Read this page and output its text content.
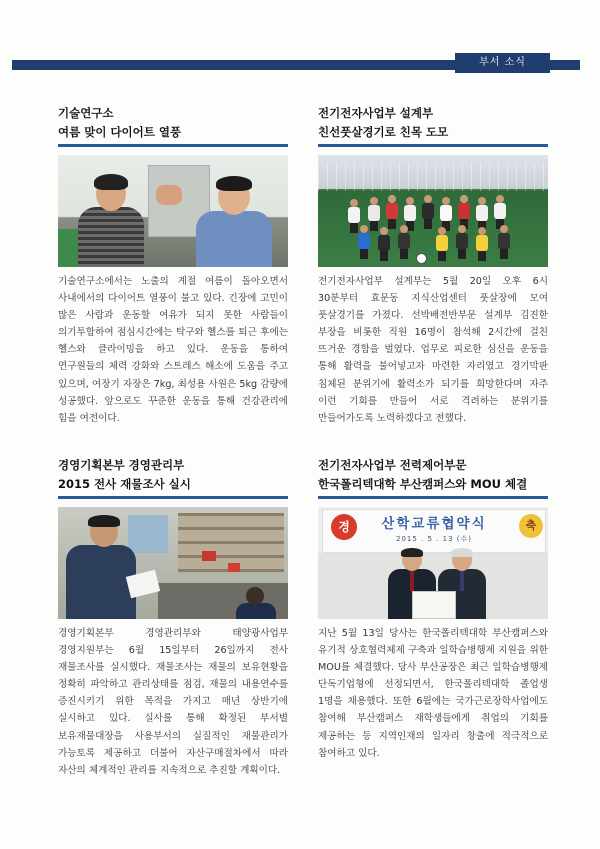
부서 소식

기술연구소

여름 맞이 다이어트 열풍

기술연구소에서는 노출의 계절 여름이 돌아오면서 사내에서의 다이어트 열풍이 불고 있다. 긴장에 고민이 많은 사람과 운동할 여유가 되지 못한 사람들이 의기투합하여 점심시간에는 탁구와 헬스를 퇴근 후에는 헬스와 클라이밍을 하고 있다. 운동을 통하여 연구원들의 체력 강화와 스트레스 해소에 도움을 주고 있으며, 여장기 자장은 7kg, 최성용 사원은 5kg 감량에 성공했다. 앞으로도 꾸준한 운동을 통해 건강관리에 힘을 여전이다.

전기전자사업부 설계부

친선풋살경기로 친목 도모

전기전자사업부 설계부는 5월 20일 오후 6시 30분부터 효문동 지식산업센터 풋살장에 모여 풋살경기를 가졌다. 선박배전반부문 설계부 김진한 부장을 비롯한 직원 16명이 참석해 2시간에 걸친 뜨거운 경합을 벌였다. 업무로 피로한 심신을 운동을 통해 활력을 불어넣고자 마련한 자리였고 경기막판 침체된 분위기에 활력소가 되기를 희망한다며 자주 이런 기회를 만들어 서로 격려하는 분위기를 만들어가도록 노력하겠다고 전했다.

경영기획본부 경영관리부

2015 전사 재물조사 실시

경영기획본부 경영관리부와 태양광사업부 경영지원부는 6월 15일부터 26일까지 전사 재물조사를 실시했다. 재물조사는 재물의 보유현황을 정확히 파악하고 관리상태를 점검, 재물의 내용연수를 증진시키기 위한 목적을 가지고 매년 상반기에 실시하고 있다. 실사를 통해 확정된 부서별 보유재물대장을 사용부서의 실질적인 재물관리가 가능토록 제공하고 더불어 자산구매절차에서 따라 자산의 체계적인 관리를 지속적으로 추진할 계획이다.

전기전자사업부 전력제어부문

한국폴리텍대학 부산캠퍼스와 MOU 체결

산학교류협약식
2015 . 5 . 13 (수)
경	축
지난 5월 13일 당사는 한국폴리텍대학 부산캠퍼스와 유기적 상호협력체제 구축과 일학습병행제 지원을 위한 MOU를 체결했다. 당사 부산공장은 최근 일학습병행제 단독기업형에 선정되면서, 한국폴리텍대학 졸업생 1명을 채용했다. 또한 6월에는 국가근로장학사업에도 참여해 부산캠퍼스 재학생들에게 취업의 기회를 제공하는 등 지역인재의 일자리 창출에 적극적으로 참여하고 있다.
